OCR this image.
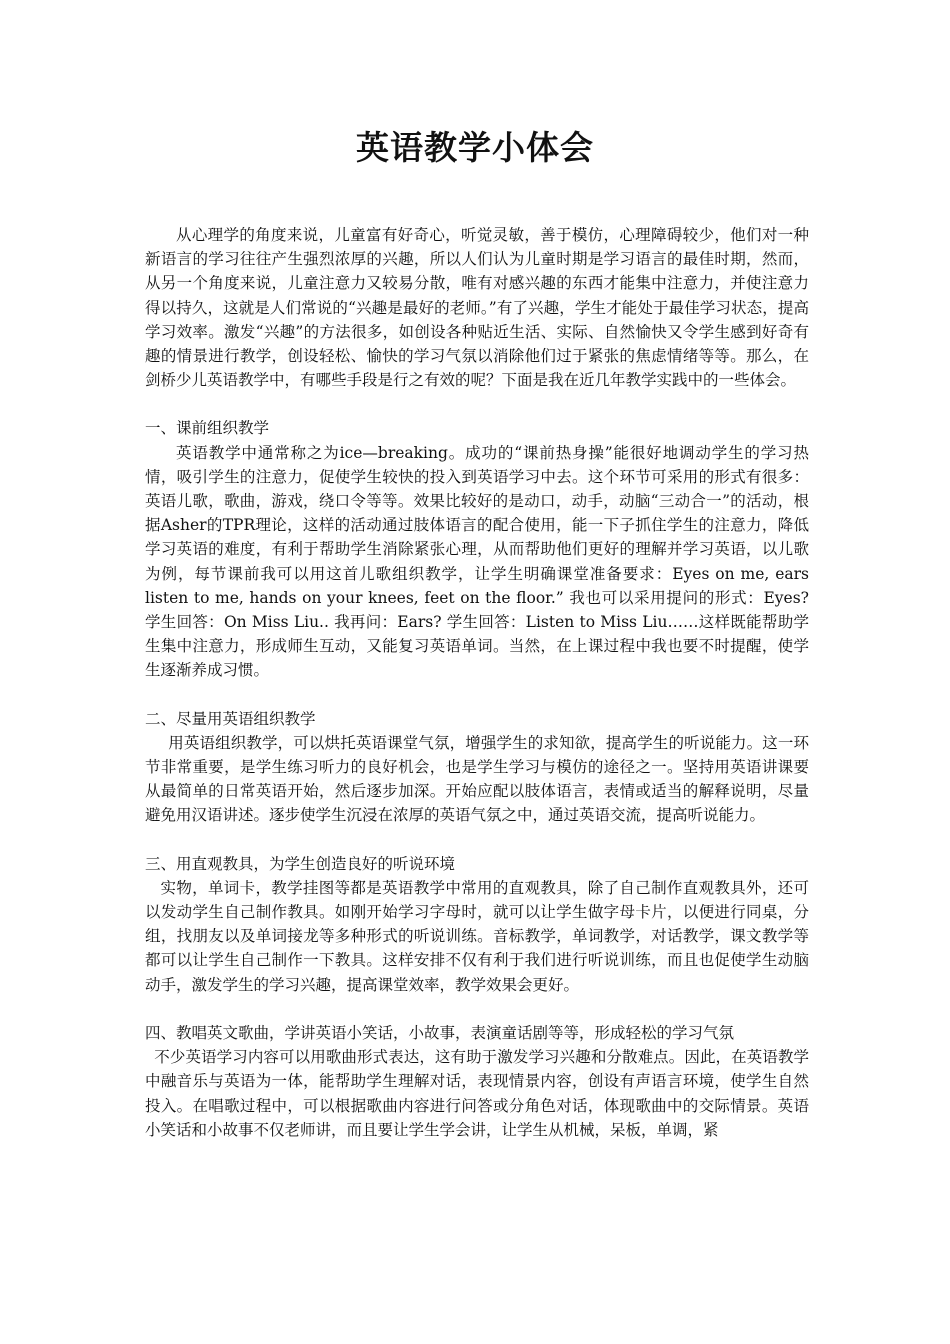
英语教学小体会

从心理学的角度来说，儿童富有好奇心，听觉灵敏，善于模仿，心理障碍较少，他们对一种新语言的学习往往产生强烈浓厚的兴趣，所以人们认为儿童时期是学习语言的最佳时期，然而，从另一个角度来说，儿童注意力又较易分散，唯有对感兴趣的东西才能集中注意力，并使注意力得以持久，这就是人们常说的“兴趣是最好的老师。”有了兴趣，学生才能处于最佳学习状态，提高学习效率。激发“兴趣”的方法很多，如创设各种贴近生活、实际、自然愉快又令学生感到好奇有趣的情景进行教学，创设轻松、愉快的学习气氛以消除他们过于紧张的焦虑情绪等等。那么，在剑桥少儿英语教学中，有哪些手段是行之有效的呢？下面是我在近几年教学实践中的一些体会。

一、课前组织教学

英语教学中通常称之为ice—breaking。成功的“课前热身操”能很好地调动学生的学习热情，吸引学生的注意力，促使学生较快的投入到英语学习中去。这个环节可采用的形式有很多：英语儿歌，歌曲，游戏，绕口令等等。效果比较好的是动口，动手，动脑“三动合一”的活动，根据Asher的TPR理论，这样的活动通过肢体语言的配合使用，能一下子抓住学生的注意力，降低学习英语的难度，有利于帮助学生消除紧张心理，从而帮助他们更好的理解并学习英语，以儿歌为例，每节课前我可以用这首儿歌组织教学，让学生明确课堂准备要求：Eyes on me, ears listen to me, hands on your knees, feet on the floor.” 我也可以采用提问的形式：Eyes? 学生回答：On Miss Liu.. 我再问：Ears? 学生回答：Listen to Miss Liu……这样既能帮助学生集中注意力，形成师生互动，又能复习英语单词。当然，在上课过程中我也要不时提醒，使学生逐渐养成习惯。

二、尽量用英语组织教学

用英语组织教学，可以烘托英语课堂气氛，增强学生的求知欲，提高学生的听说能力。这一环节非常重要，是学生练习听力的良好机会，也是学生学习与模仿的途径之一。坚持用英语讲课要从最简单的日常英语开始，然后逐步加深。开始应配以肢体语言，表情或适当的解释说明，尽量避免用汉语讲述。逐步使学生沉浸在浓厚的英语气氛之中，通过英语交流，提高听说能力。

三、用直观教具，为学生创造良好的听说环境

实物，单词卡，教学挂图等都是英语教学中常用的直观教具，除了自己制作直观教具外，还可以发动学生自己制作教具。如刚开始学习字母时，就可以让学生做字母卡片，以便进行同桌，分组，找朋友以及单词接龙等多种形式的听说训练。音标教学，单词教学，对话教学，课文教学等都可以让学生自己制作一下教具。这样安排不仅有利于我们进行听说训练，而且也促使学生动脑动手，激发学生的学习兴趣，提高课堂效率，教学效果会更好。

四、教唱英文歌曲，学讲英语小笑话，小故事，表演童话剧等等，形成轻松的学习气氛

不少英语学习内容可以用歌曲形式表达，这有助于激发学习兴趣和分散难点。因此，在英语教学中融音乐与英语为一体，能帮助学生理解对话，表现情景内容，创设有声语言环境，使学生自然投入。在唱歌过程中，可以根据歌曲内容进行问答或分角色对话，体现歌曲中的交际情景。英语小笑话和小故事不仅老师讲，而且要让学生学会讲，让学生从机械，呆板，单调，紧
